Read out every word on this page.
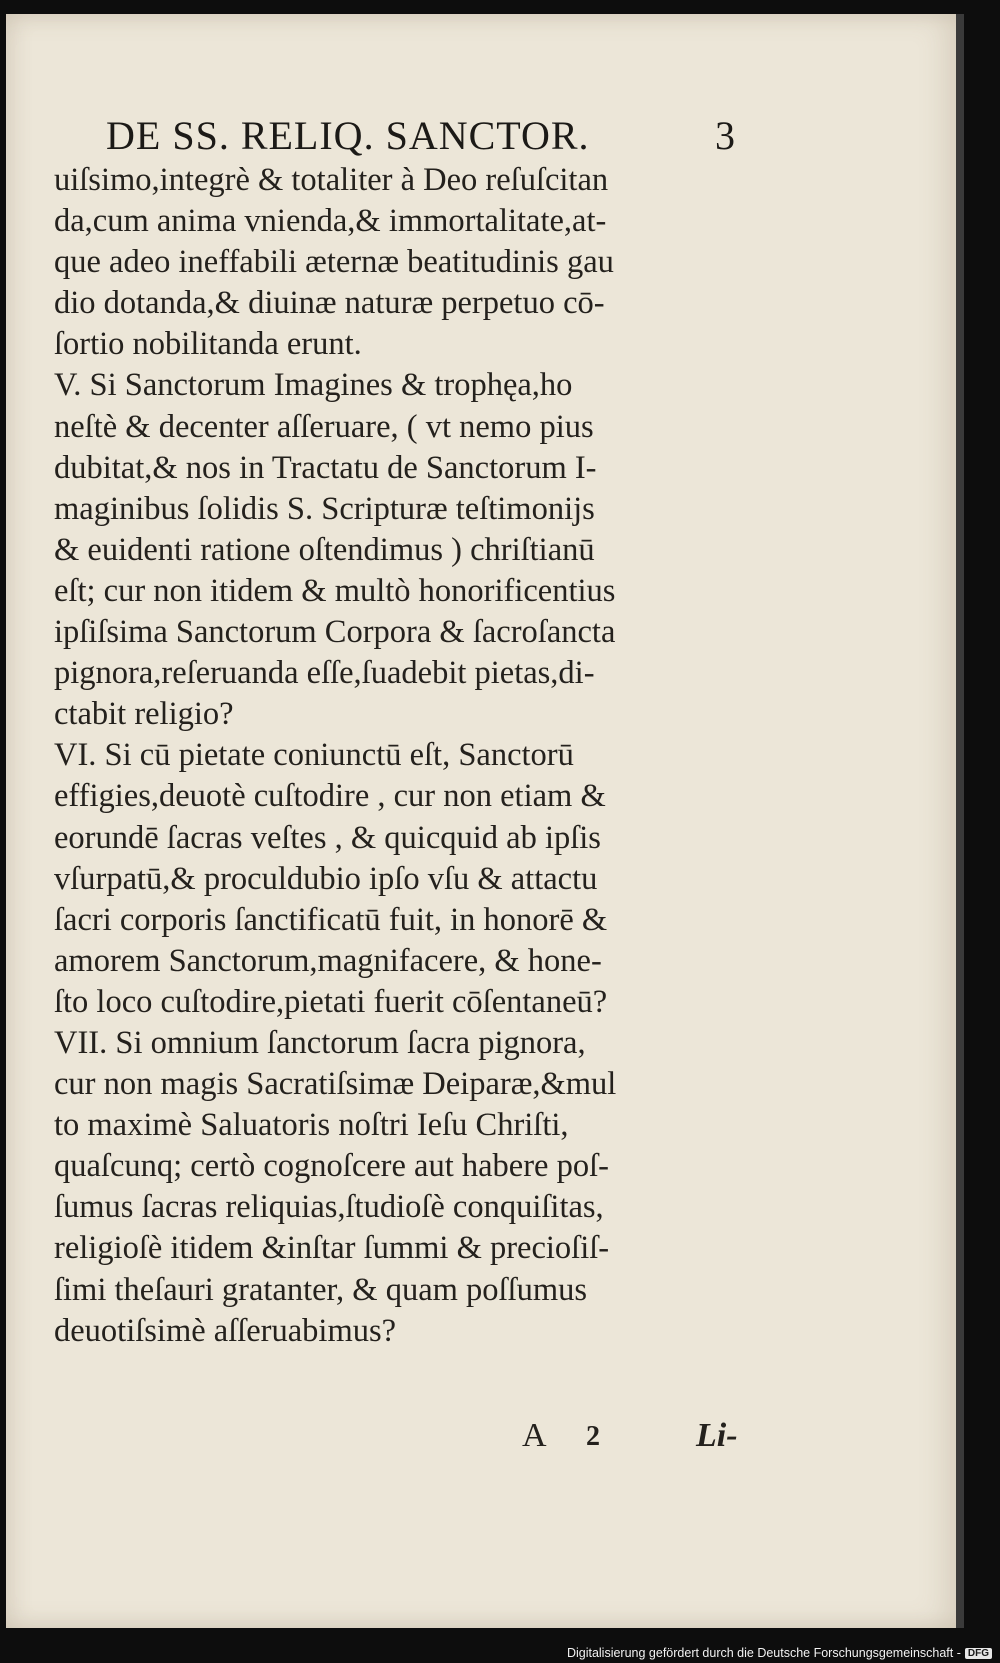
DE SS. RELIQ. SANCTOR.	3
uiſsimo,integrè & totaliter à Deo reſuſcitan
da,cum anima vnienda,& immortalitate,at-
que adeo ineffabili æternæ beatitudinis gau
dio dotanda,& diuinæ naturæ perpetuo cō-
ſortio nobilitanda erunt.
V. Si Sanctorum Imagines & trophęa,ho
neſtè & decenter aſſeruare, ( vt nemo pius
dubitat,& nos in Tractatu de Sanctorum I-
maginibus ſolidis S. Scripturæ teſtimonijs
& euidenti ratione oſtendimus ) chriſtianū
eſt; cur non itidem & multò honorificentius
ipſiſsima Sanctorum Corpora & ſacroſancta
pignora,reſeruanda eſſe,ſuadebit pietas,di-
ctabit religio?
VI. Si cū pietate coniunctū eſt, Sanctorū
effigies,deuotè cuſtodire , cur non etiam &
eorundē ſacras veſtes , & quicquid ab ipſis
vſurpatū,& proculdubio ipſo vſu & attactu
ſacri corporis ſanctificatū fuit, in honorē &
amorem Sanctorum,magnifacere, & hone-
ſto loco cuſtodire,pietati fuerit cōſentaneū?
VII. Si omnium ſanctorum ſacra pignora,
cur non magis Sacratiſsimæ Deiparæ,&mul
to maximè Saluatoris noſtri Ieſu Chriſti,
quaſcunq; certò cognoſcere aut habere poſ-
ſumus ſacras reliquias,ſtudioſè conquiſitas,
religioſè itidem &inſtar ſummi & precioſiſ-
ſimi theſauri gratanter, & quam poſſumus
deuotiſsimè aſſeruabimus?
A 2	Li-
Digitalisierung gefördert durch die Deutsche Forschungsgemeinschaft - DFG
